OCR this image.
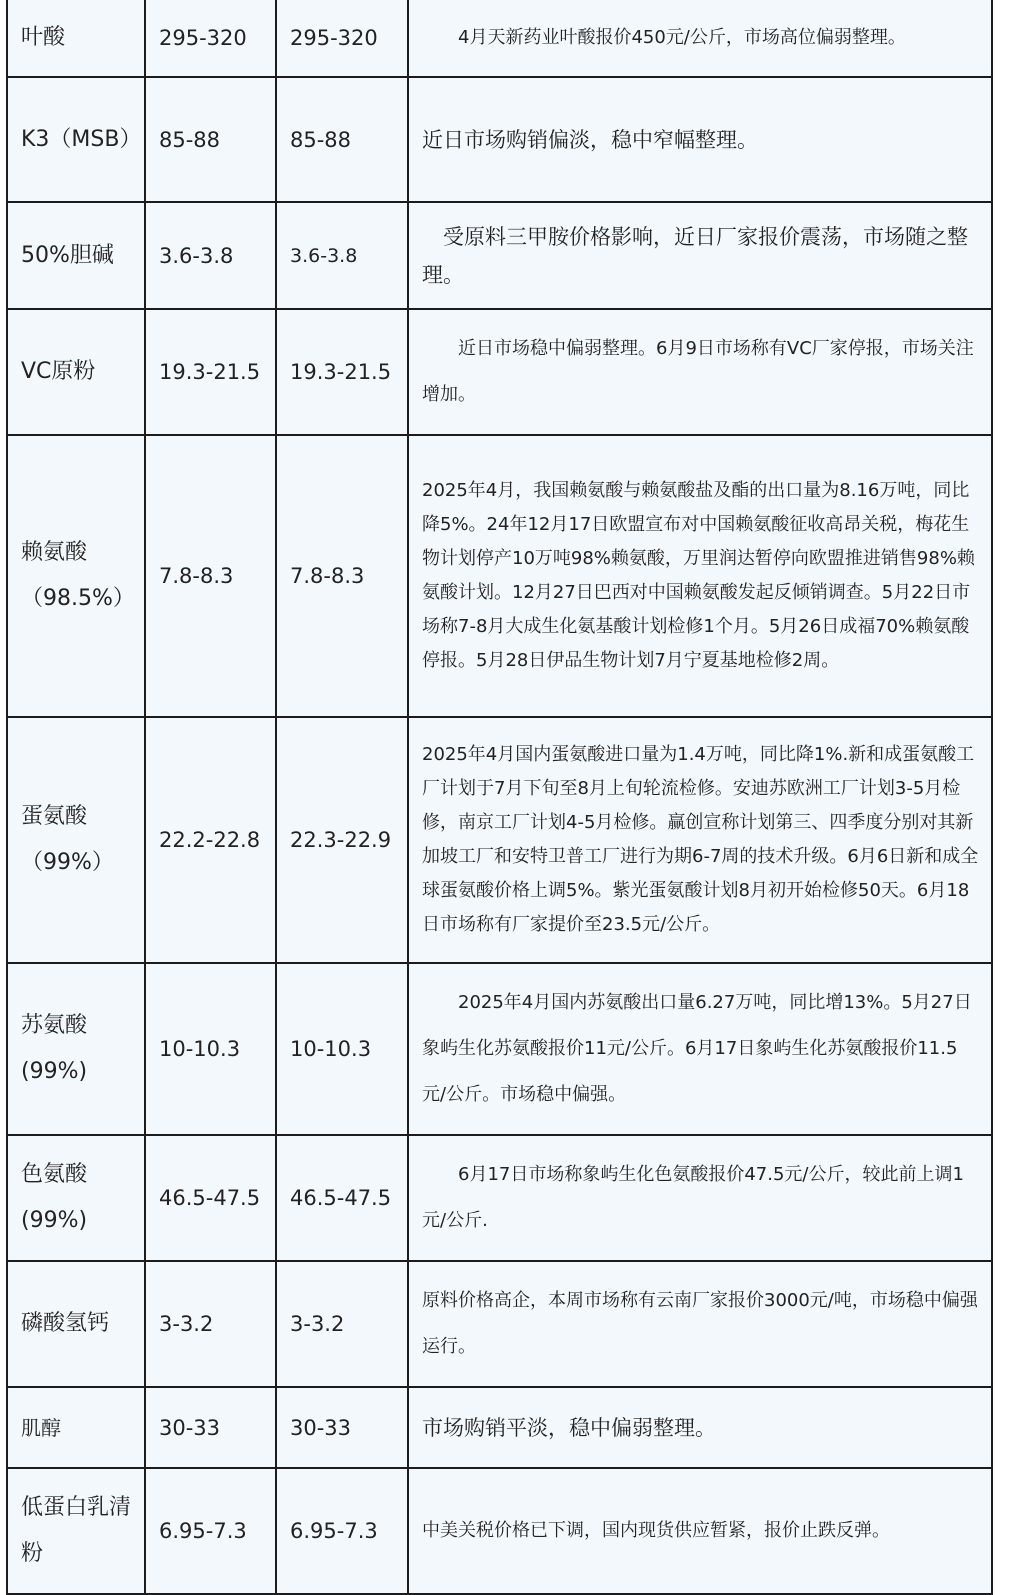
叶酸	295-320	295-320	4月天新药业叶酸报价450元/公斤，市场高位偏弱整理。
K3（MSB）	85-88	85-88	近日市场购销偏淡，稳中窄幅整理。
50%胆碱	3.6-3.8	3.6-3.8	受原料三甲胺价格影响，近日厂家报价震荡，市场随之整理。
VC原粉	19.3-21.5	19.3-21.5	近日市场稳中偏弱整理。6月9日市场称有VC厂家停报，市场关注增加。
赖氨酸（98.5%）	7.8-8.3	7.8-8.3	2025年4月，我国赖氨酸与赖氨酸盐及酯的出口量为8.16万吨，同比降5%。24年12月17日欧盟宣布对中国赖氨酸征收高昂关税，梅花生物计划停产10万吨98%赖氨酸，万里润达暂停向欧盟推进销售98%赖氨酸计划。12月27日巴西对中国赖氨酸发起反倾销调查。5月22日市场称7-8月大成生化氨基酸计划检修1个月。5月26日成福70%赖氨酸停报。5月28日伊品生物计划7月宁夏基地检修2周。
蛋氨酸（99%）	22.2-22.8	22.3-22.9	2025年4月国内蛋氨酸进口量为1.4万吨，同比降1%.新和成蛋氨酸工厂计划于7月下旬至8月上旬轮流检修。安迪苏欧洲工厂计划3-5月检修，南京工厂计划4-5月检修。赢创宣称计划第三、四季度分别对其新加坡工厂和安特卫普工厂进行为期6-7周的技术升级。6月6日新和成全球蛋氨酸价格上调5%。紫光蛋氨酸计划8月初开始检修50天。6月18日市场称有厂家提价至23.5元/公斤。
苏氨酸(99%)	10-10.3	10-10.3	2025年4月国内苏氨酸出口量6.27万吨，同比增13%。5月27日象屿生化苏氨酸报价11元/公斤。6月17日象屿生化苏氨酸报价11.5元/公斤。市场稳中偏强。
色氨酸(99%)	46.5-47.5	46.5-47.5	6月17日市场称象屿生化色氨酸报价47.5元/公斤，较此前上调1元/公斤.
磷酸氢钙	3-3.2	3-3.2	原料价格高企，本周市场称有云南厂家报价3000元/吨，市场稳中偏强运行。
肌醇	30-33	30-33	市场购销平淡，稳中偏弱整理。
低蛋白乳清粉	6.95-7.3	6.95-7.3	中美关税价格已下调，国内现货供应暂紧，报价止跌反弹。
